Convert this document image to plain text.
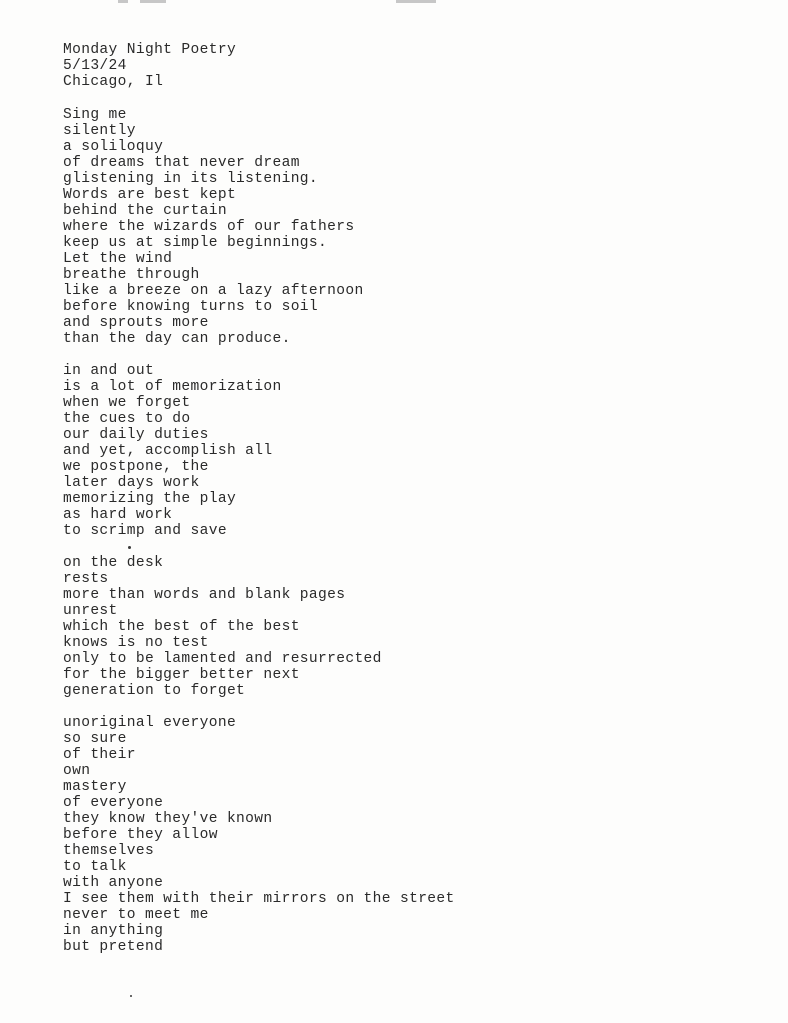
Monday Night Poetry
5/13/24
Chicago, Il
Sing me
silently
a soliloquy
of dreams that never dream
glistening in its listening.
Words are best kept
behind the curtain
where the wizards of our fathers
keep us at simple beginnings.
Let the wind
breathe through
like a breeze on a lazy afternoon
before knowing turns to soil
and sprouts more
than the day can produce.
in and out
is a lot of memorization
when we forget
the cues to do
our daily duties
and yet, accomplish all
we postpone, the
later days work
memorizing the play
as hard work
to scrimp and save
on the desk
rests
more than words and blank pages
unrest
which the best of the best
knows is no test
only to be lamented and resurrected
for the bigger better next
generation to forget
unoriginal everyone
so sure
of their
own
mastery
of everyone
they know they've known
before they allow
themselves
to talk
with anyone
I see them with their mirrors on the street
never to meet me
in anything
but pretend
